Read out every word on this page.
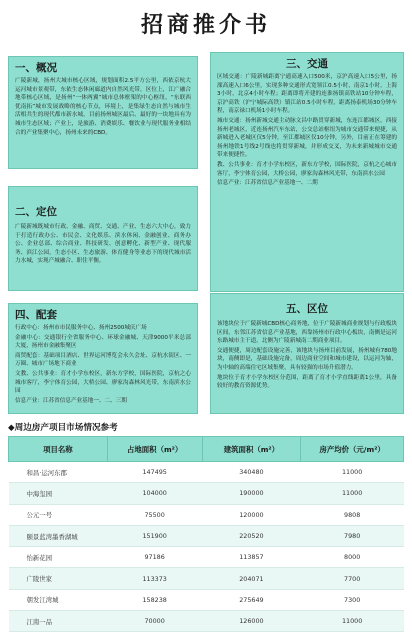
招商推介书
一、概况

广陵新城，扬州大城市核心区域，规划面积2.5平方公里，西依京杭大运河城市景观带，东依生态休闲廊道内自然风光带，区位上，江广融合地带核心区域，是扬州“一体两翼”城市总体框架的中心枢纽，“东联西优南拓”城市发展战略的核心节点，环境上，是集绿生态自然与城市生活相共生的现代都市新水城，目前扬州城区最后、最好的一块地具有为城市生态区域；产业上，是旅游、消费娱乐、餐饮业与现代服务业相结合的产业集聚中心，扬州未来的CBD。

二、定位

广陵新城既城市行政、金融、商贸、交通、产业、生态六大中心，致力于打造行政办公、市民会、文化娱乐、滨水休闲、金融创业、商务办公、企业总部、综合商业、科技研发、创意孵化、新型产业、现代服务、滨江公园，生态小区、生态旅游、体育健身等业态下的现代城市活力水城，实现产城融合、职住平衡。

三、交通

区域交通：广陵新城距离宁通高速入口500米，京沪高速入口5公里，扬溧高速入口6公里，实现多种交通形式宽领江0.5小时，南京1小时，上海3小时，北京4小时车程；距离即将开建的连淮扬镇高铁站10分钟车程，京沪高铁（沪宁城际高铁）镇江站0.5小时车程，距离扬泰机场30分钟车程，南京禄口机场1小时车程。

城市交通：扬州新城交通主动脉文昌中路贯穿新城，东连江都城区，西接扬州老城区，近连扬州汽车东站，公交总站枢纽为城市交通带来便捷，从新城进入老城区仅5分钟，至江都城区仅10分钟，另外，目前正在筹建的扬州地铁1号线2号线也将贯穿新城，并形成交叉，为未来新城城市交通带来便捷性。

教、公共事业：育才小学东校区，新东方学校，国际医院，京杭之心城市客厅，李宁体育公园，大桥公园，廖家沟森林风光带，东南滨水公园

信息产业：江苏省信息产业基地一、二期

四、配套

行政中心：扬州市市民服务中心、扬州2500城庆广场

金融中心：交通银行全省服务中心、环球金融城、天津9000平米总部大厦，扬州市金融集聚区

商贸配套：基础项目酒店、世界运河博览会永久会址、京杭水街区、一万圈、城市广场地下商业

文教、公共事业：育才小学东校区，新东方学校，国际医院，京杭之心城市客厅，李宁体育公园，大桥公园、廖家沟森林风光带，东南滨水公园

信息产业：江苏省信息产业基地一、二、三期

五、区位

该地块位于广陵新城CBD核心商务地，位于广陵新城商业规划与行政板块区间，东邻江苏省信息产业基地，西靠扬州市行政中心板块，南侧是运河东路城市主干道，北侧为广陵新城南二期商业项目。

交通便捷，周边配套设施完善，该地块与扬州目前发展，扬州城有780地块，南侧即是，基础设施完备，周边商业空间和城市建设，以运河为轴，为中轴的高端住宅区域集聚，具有较强的市场升值潜力。

地块位于育才小学东校区分范围，距离了育才小学直线距离1公里，具备较好的教育资源优势。

◆周边房产项目市场情况参考
项目名称	占地面积（m²）	建筑面积（m²）	房产均价（元/m²）
和昌·运河东郡	147495	340480	11000
中海玺园	104000	190000	11000
公元一号	75500	120000	9808
颐景蓝湾墨香湖城	151900	220520	7980
怡新花园	97186	113857	8000
广陵世家	113373	204071	7700
朝发江湾城	158238	275649	7300
江南一品	70000	126000	11000
